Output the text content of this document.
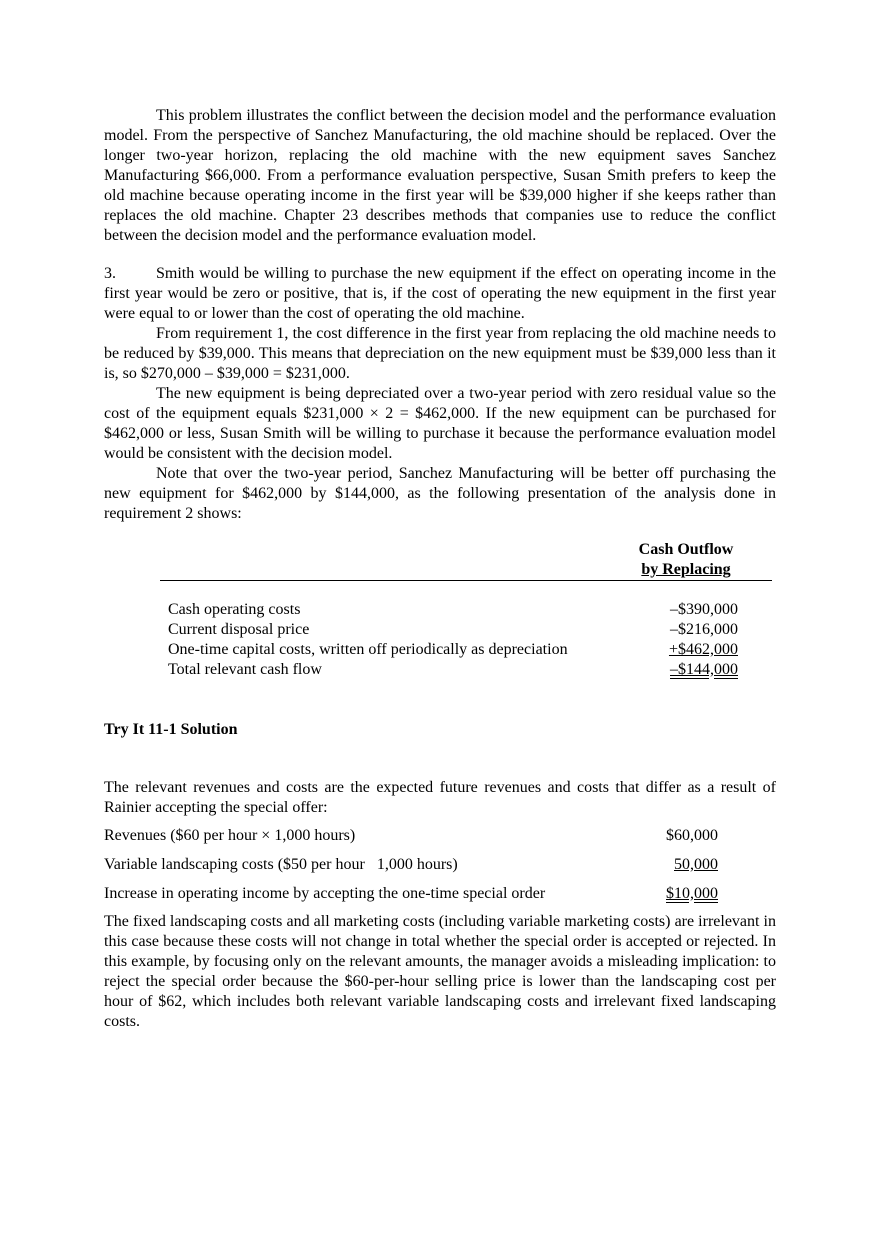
This problem illustrates the conflict between the decision model and the performance evaluation model. From the perspective of Sanchez Manufacturing, the old machine should be replaced. Over the longer two-year horizon, replacing the old machine with the new equipment saves Sanchez Manufacturing $66,000. From a performance evaluation perspective, Susan Smith prefers to keep the old machine because operating income in the first year will be $39,000 higher if she keeps rather than replaces the old machine. Chapter 23 describes methods that companies use to reduce the conflict between the decision model and the performance evaluation model.

3.	Smith would be willing to purchase the new equipment if the effect on operating income in the first year would be zero or positive, that is, if the cost of operating the new equipment in the first year were equal to or lower than the cost of operating the old machine.

From requirement 1, the cost difference in the first year from replacing the old machine needs to be reduced by $39,000. This means that depreciation on the new equipment must be $39,000 less than it is, so $270,000 – $39,000 = $231,000.

The new equipment is being depreciated over a two-year period with zero residual value so the cost of the equipment equals $231,000 × 2 = $462,000. If the new equipment can be purchased for $462,000 or less, Susan Smith will be willing to purchase it because the performance evaluation model would be consistent with the decision model.

Note that over the two-year period, Sanchez Manufacturing will be better off purchasing the new equipment for $462,000 by $144,000, as the following presentation of the analysis done in requirement 2 shows:

Cash Outflow
by Replacing
Cash operating costs	–$390,000
Current disposal price	–$216,000
One-time capital costs, written off periodically as depreciation	+$462,000
Total relevant cash flow	–$144,000
Try It 11-1 Solution

The relevant revenues and costs are the expected future revenues and costs that differ as a result of Rainier accepting the special offer:

Revenues ($60 per hour × 1,000 hours)	$60,000
Variable landscaping costs ($50 per hour   1,000 hours)	50,000
Increase in operating income by accepting the one-time special order	$10,000

The fixed landscaping costs and all marketing costs (including variable marketing costs) are irrelevant in this case because these costs will not change in total whether the special order is accepted or rejected. In this example, by focusing only on the relevant amounts, the manager avoids a misleading implication: to reject the special order because the $60-per-hour selling price is lower than the landscaping cost per hour of $62, which includes both relevant variable landscaping costs and irrelevant fixed landscaping costs.
